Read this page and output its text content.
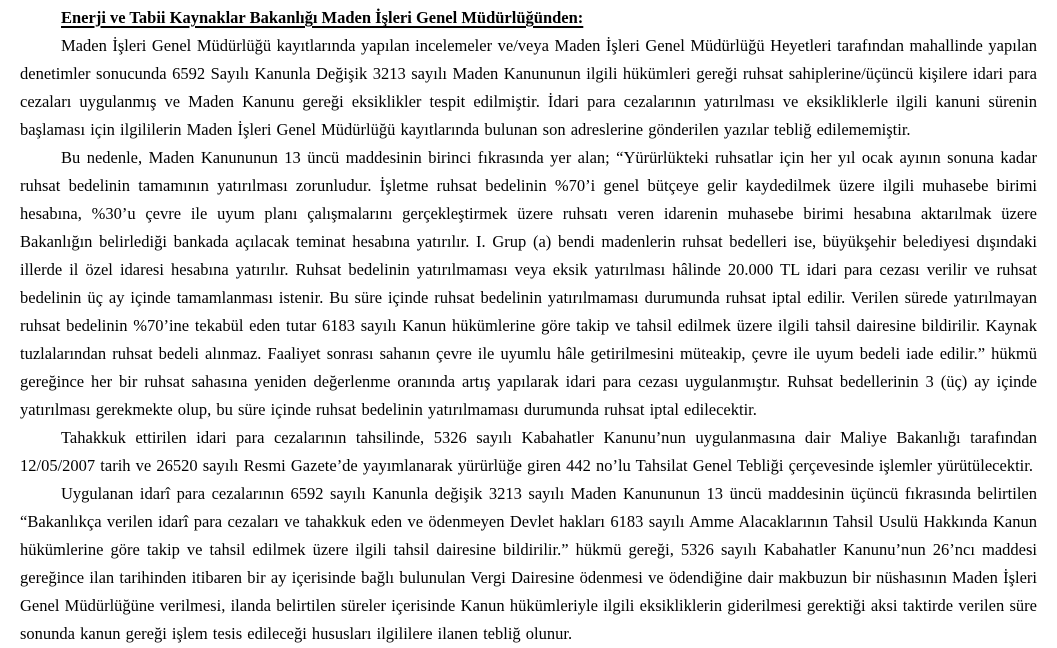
Enerji ve Tabii Kaynaklar Bakanlığı Maden İşleri Genel Müdürlüğünden:

Maden İşleri Genel Müdürlüğü kayıtlarında yapılan incelemeler ve/veya Maden İşleri Genel Müdürlüğü Heyetleri tarafından mahallinde yapılan denetimler sonucunda 6592 Sayılı Kanunla Değişik 3213 sayılı Maden Kanununun ilgili hükümleri gereği ruhsat sahiplerine/üçüncü kişilere idari para cezaları uygulanmış ve Maden Kanunu gereği eksiklikler tespit edilmiştir. İdari para cezalarının yatırılması ve eksikliklerle ilgili kanuni sürenin başlaması için ilgililerin Maden İşleri Genel Müdürlüğü kayıtlarında bulunan son adreslerine gönderilen yazılar tebliğ edilememiştir.

Bu nedenle, Maden Kanununun 13 üncü maddesinin birinci fıkrasında yer alan; “Yürürlükteki ruhsatlar için her yıl ocak ayının sonuna kadar ruhsat bedelinin tamamının yatırılması zorunludur. İşletme ruhsat bedelinin %70’i genel bütçeye gelir kaydedilmek üzere ilgili muhasebe birimi hesabına, %30’u çevre ile uyum planı çalışmalarını gerçekleştirmek üzere ruhsatı veren idarenin muhasebe birimi hesabına aktarılmak üzere Bakanlığın belirlediği bankada açılacak teminat hesabına yatırılır. I. Grup (a) bendi madenlerin ruhsat bedelleri ise, büyükşehir belediyesi dışındaki illerde il özel idaresi hesabına yatırılır. Ruhsat bedelinin yatırılmaması veya eksik yatırılması hâlinde 20.000 TL idari para cezası verilir ve ruhsat bedelinin üç ay içinde tamamlanması istenir. Bu süre içinde ruhsat bedelinin yatırılmaması durumunda ruhsat iptal edilir. Verilen sürede yatırılmayan ruhsat bedelinin %70’ine tekabül eden tutar 6183 sayılı Kanun hükümlerine göre takip ve tahsil edilmek üzere ilgili tahsil dairesine bildirilir. Kaynak tuzlalarından ruhsat bedeli alınmaz. Faaliyet sonrası sahanın çevre ile uyumlu hâle getirilmesini müteakip, çevre ile uyum bedeli iade edilir.” hükmü gereğince her bir ruhsat sahasına yeniden değerlenme oranında artış yapılarak idari para cezası uygulanmıştır. Ruhsat bedellerinin 3 (üç) ay içinde yatırılması gerekmekte olup, bu süre içinde ruhsat bedelinin yatırılmaması durumunda ruhsat iptal edilecektir.

Tahakkuk ettirilen idari para cezalarının tahsilinde, 5326 sayılı Kabahatler Kanunu’nun uygulanmasına dair Maliye Bakanlığı tarafından 12/05/2007 tarih ve 26520 sayılı Resmi Gazete’de yayımlanarak yürürlüğe giren 442 no’lu Tahsilat Genel Tebliği çerçevesinde işlemler yürütülecektir.

Uygulanan idarî para cezalarının 6592 sayılı Kanunla değişik 3213 sayılı Maden Kanununun 13 üncü maddesinin üçüncü fıkrasında belirtilen “Bakanlıkça verilen idarî para cezaları ve tahakkuk eden ve ödenmeyen Devlet hakları 6183 sayılı Amme Alacaklarının Tahsil Usulü Hakkında Kanun hükümlerine göre takip ve tahsil edilmek üzere ilgili tahsil dairesine bildirilir.” hükmü gereği, 5326 sayılı Kabahatler Kanunu’nun 26’ncı maddesi gereğince ilan tarihinden itibaren bir ay içerisinde bağlı bulunulan Vergi Dairesine ödenmesi ve ödendiğine dair makbuzun bir nüshasının Maden İşleri Genel Müdürlüğüne verilmesi, ilanda belirtilen süreler içerisinde Kanun hükümleriyle ilgili eksikliklerin giderilmesi gerektiği aksi taktirde verilen süre sonunda kanun gereği işlem tesis edileceği hususları ilgililere ilanen tebliğ olunur.
